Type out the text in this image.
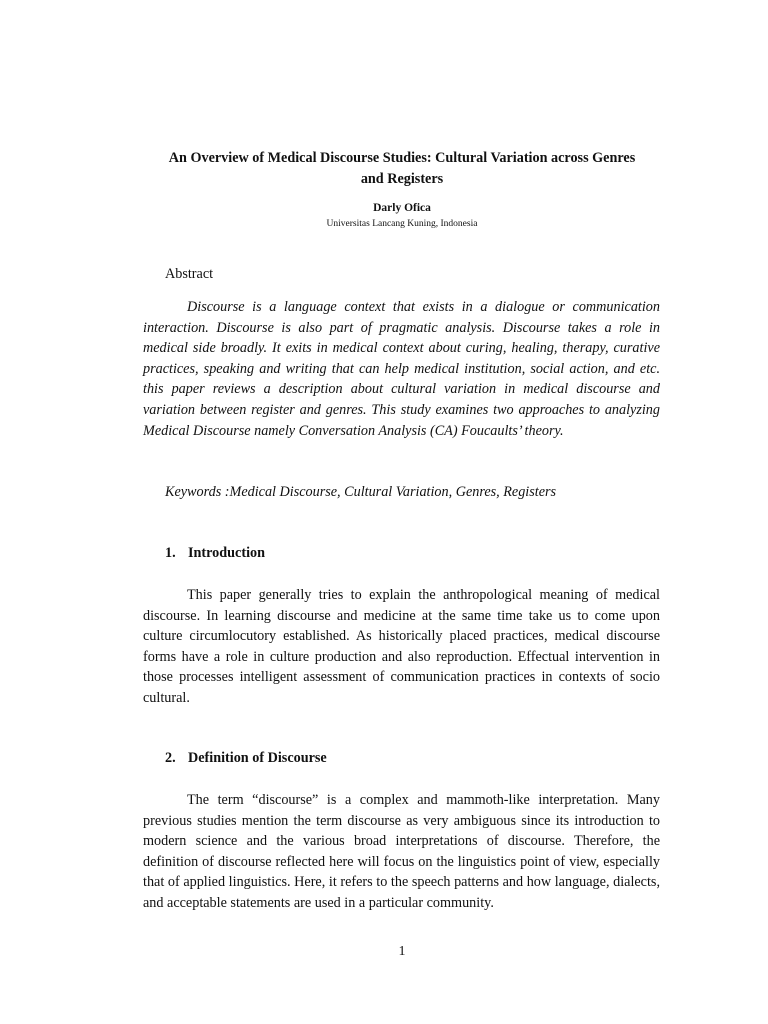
An Overview of Medical Discourse Studies: Cultural Variation across Genres
and Registers
Darly Ofica
Universitas Lancang Kuning, Indonesia
Abstract

Discourse is a language context that exists in a dialogue or communication interaction. Discourse is also part of pragmatic analysis. Discourse takes a role in medical side broadly. It exits in medical context about curing, healing, therapy, curative practices, speaking and writing that can help medical institution, social action, and etc. this paper reviews a description about cultural variation in medical discourse and variation between register and genres. This study examines two approaches to analyzing Medical Discourse namely Conversation Analysis (CA) Foucaults’ theory.

Keywords :Medical Discourse, Cultural Variation, Genres, Registers
1. Introduction

This paper generally tries to explain the anthropological meaning of medical discourse. In learning discourse and medicine at the same time take us to come upon culture circumlocutory established. As historically placed practices, medical discourse forms have a role in culture production and also reproduction. Effectual intervention in those processes intelligent assessment of communication practices in contexts of socio cultural.

2. Definition of Discourse

The term “discourse” is a complex and mammoth-like interpretation. Many previous studies mention the term discourse as very ambiguous since its introduction to modern science and the various broad interpretations of discourse. Therefore, the definition of discourse reflected here will focus on the linguistics point of view, especially that of applied linguistics. Here, it refers to the speech patterns and how language, dialects, and acceptable statements are used in a particular community.

1
